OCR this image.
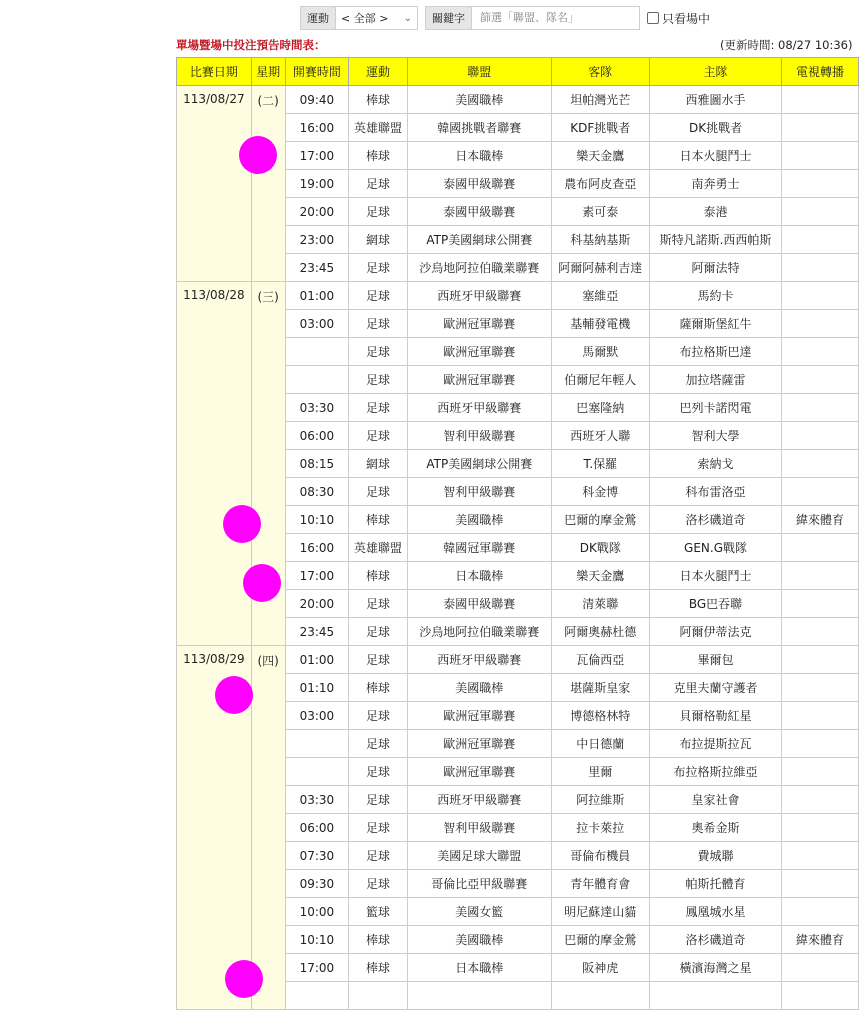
運動	< 全部 > ⌄	關鍵字	篩選「聯盟、隊名」	只看場中
單場暨場中投注預告時間表：	(更新時間: 08/27 10:36)
比賽日期	星期	開賽時間	運動	聯盟	客隊	主隊	電視轉播

113/08/27	(二)	09:40	棒球	美國職棒	坦帕灣光芒	西雅圖水手	
		16:00	英雄聯盟	韓國挑戰者聯賽	KDF挑戰者	DK挑戰者	
		17:00	棒球	日本職棒	樂天金鷹	日本火腿鬥士	
		19:00	足球	泰國甲級聯賽	農布阿皮查亞	南奔勇士	
		20:00	足球	泰國甲級聯賽	素可泰	泰港	
		23:00	網球	ATP美國網球公開賽	科基納基斯	斯特凡諾斯.西西帕斯	
		23:45	足球	沙烏地阿拉伯職業聯賽	阿爾阿赫利吉達	阿爾法特	

113/08/28	(三)	01:00	足球	西班牙甲級聯賽	塞維亞	馬約卡	
		03:00	足球	歐洲冠軍聯賽	基輔發電機	薩爾斯堡紅牛	
			足球	歐洲冠軍聯賽	馬爾默	布拉格斯巴達	
			足球	歐洲冠軍聯賽	伯爾尼年輕人	加拉塔薩雷	
		03:30	足球	西班牙甲級聯賽	巴塞隆納	巴列卡諾閃電	
		06:00	足球	智利甲級聯賽	西班牙人聯	智利大學	
		08:15	網球	ATP美國網球公開賽	T.保羅	索納戈	
		08:30	足球	智利甲級聯賽	科金博	科布雷洛亞	
		10:10	棒球	美國職棒	巴爾的摩金鶯	洛杉磯道奇	緯來體育
		16:00	英雄聯盟	韓國冠軍聯賽	DK戰隊	GEN.G戰隊	
		17:00	棒球	日本職棒	樂天金鷹	日本火腿鬥士	
		20:00	足球	泰國甲級聯賽	清萊聯	BG巴吞聯	
		23:45	足球	沙烏地阿拉伯職業聯賽	阿爾奧赫杜德	阿爾伊蒂法克	

113/08/29	(四)	01:00	足球	西班牙甲級聯賽	瓦倫西亞	畢爾包	
		01:10	棒球	美國職棒	堪薩斯皇家	克里夫蘭守護者	
		03:00	足球	歐洲冠軍聯賽	博德格林特	貝爾格勒紅星	
			足球	歐洲冠軍聯賽	中日德蘭	布拉提斯拉瓦	
			足球	歐洲冠軍聯賽	里爾	布拉格斯拉維亞	
		03:30	足球	西班牙甲級聯賽	阿拉維斯	皇家社會	
		06:00	足球	智利甲級聯賽	拉卡萊拉	奧希金斯	
		07:30	足球	美國足球大聯盟	哥倫布機員	費城聯	
		09:30	足球	哥倫比亞甲級聯賽	青年體育會	帕斯托體育	
		10:00	籃球	美國女籃	明尼蘇達山貓	鳳凰城水星	
		10:10	棒球	美國職棒	巴爾的摩金鶯	洛杉磯道奇	緯來體育
		17:00	棒球	日本職棒	阪神虎	橫濱海灣之星	
